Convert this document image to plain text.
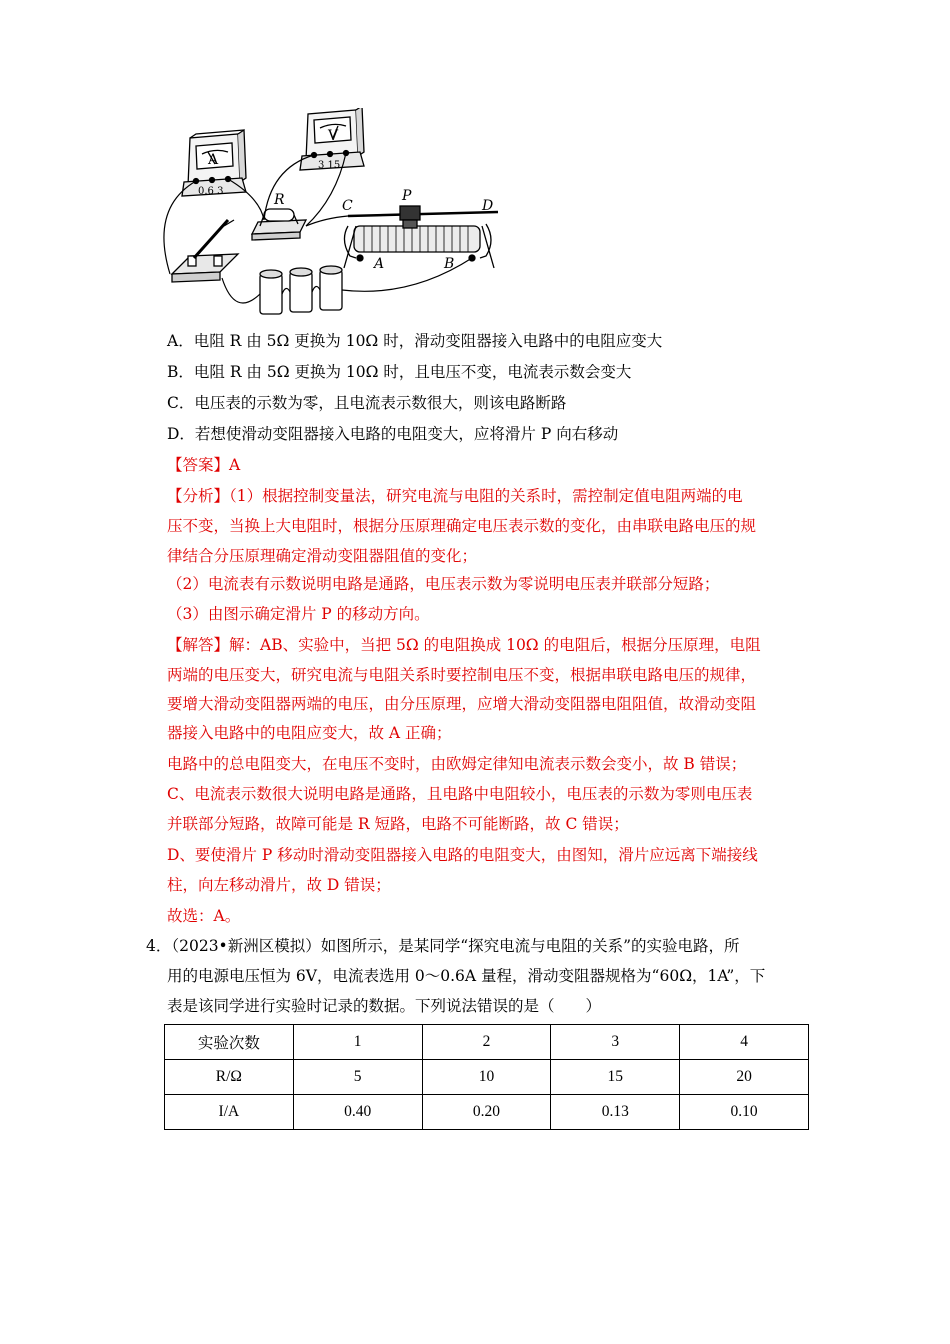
A
0.6 3
V
3 15
R	C
P
D
A	B
A．电阻 R 由 5Ω 更换为 10Ω 时，滑动变阻器接入电路中的电阻应变大
B．电阻 R 由 5Ω 更换为 10Ω 时，且电压不变，电流表示数会变大
C．电压表的示数为零，且电流表示数很大，则该电路断路
D．若想使滑动变阻器接入电路的电阻变大，应将滑片 P 向右移动
【答案】A
【分析】（1）根据控制变量法，研究电流与电阻的关系时，需控制定值电阻两端的电
压不变，当换上大电阻时，根据分压原理确定电压表示数的变化，由串联电路电压的规
律结合分压原理确定滑动变阻器阻值的变化；
（2）电流表有示数说明电路是通路，电压表示数为零说明电压表并联部分短路；
（3）由图示确定滑片 P 的移动方向。
【解答】解：AB、实验中，当把 5Ω 的电阻换成 10Ω 的电阻后，根据分压原理，电阻
两端的电压变大，研究电流与电阻关系时要控制电压不变，根据串联电路电压的规律，
要增大滑动变阻器两端的电压，由分压原理，应增大滑动变阻器电阻阻值，故滑动变阻
器接入电路中的电阻应变大，故 A 正确；
电路中的总电阻变大，在电压不变时，由欧姆定律知电流表示数会变小，故 B 错误；
C、电流表示数很大说明电路是通路，且电路中电阻较小，电压表的示数为零则电压表
并联部分短路，故障可能是 R 短路，电路不可能断路，故 C 错误；
D、要使滑片 P 移动时滑动变阻器接入电路的电阻变大，由图知，滑片应远离下端接线
柱，向左移动滑片，故 D 错误；
故选：A。
4．（2023•新洲区模拟）如图所示，是某同学“探究电流与电阻的关系”的实验电路，所
用的电源电压恒为 6V，电流表选用 0～0.6A 量程，滑动变阻器规格为“60Ω，1A”，下
表是该同学进行实验时记录的数据。下列说法错误的是（　　）
实验次数	1	2	3	4
R/Ω	5	10	15	20
I/A	0.40	0.20	0.13	0.10
